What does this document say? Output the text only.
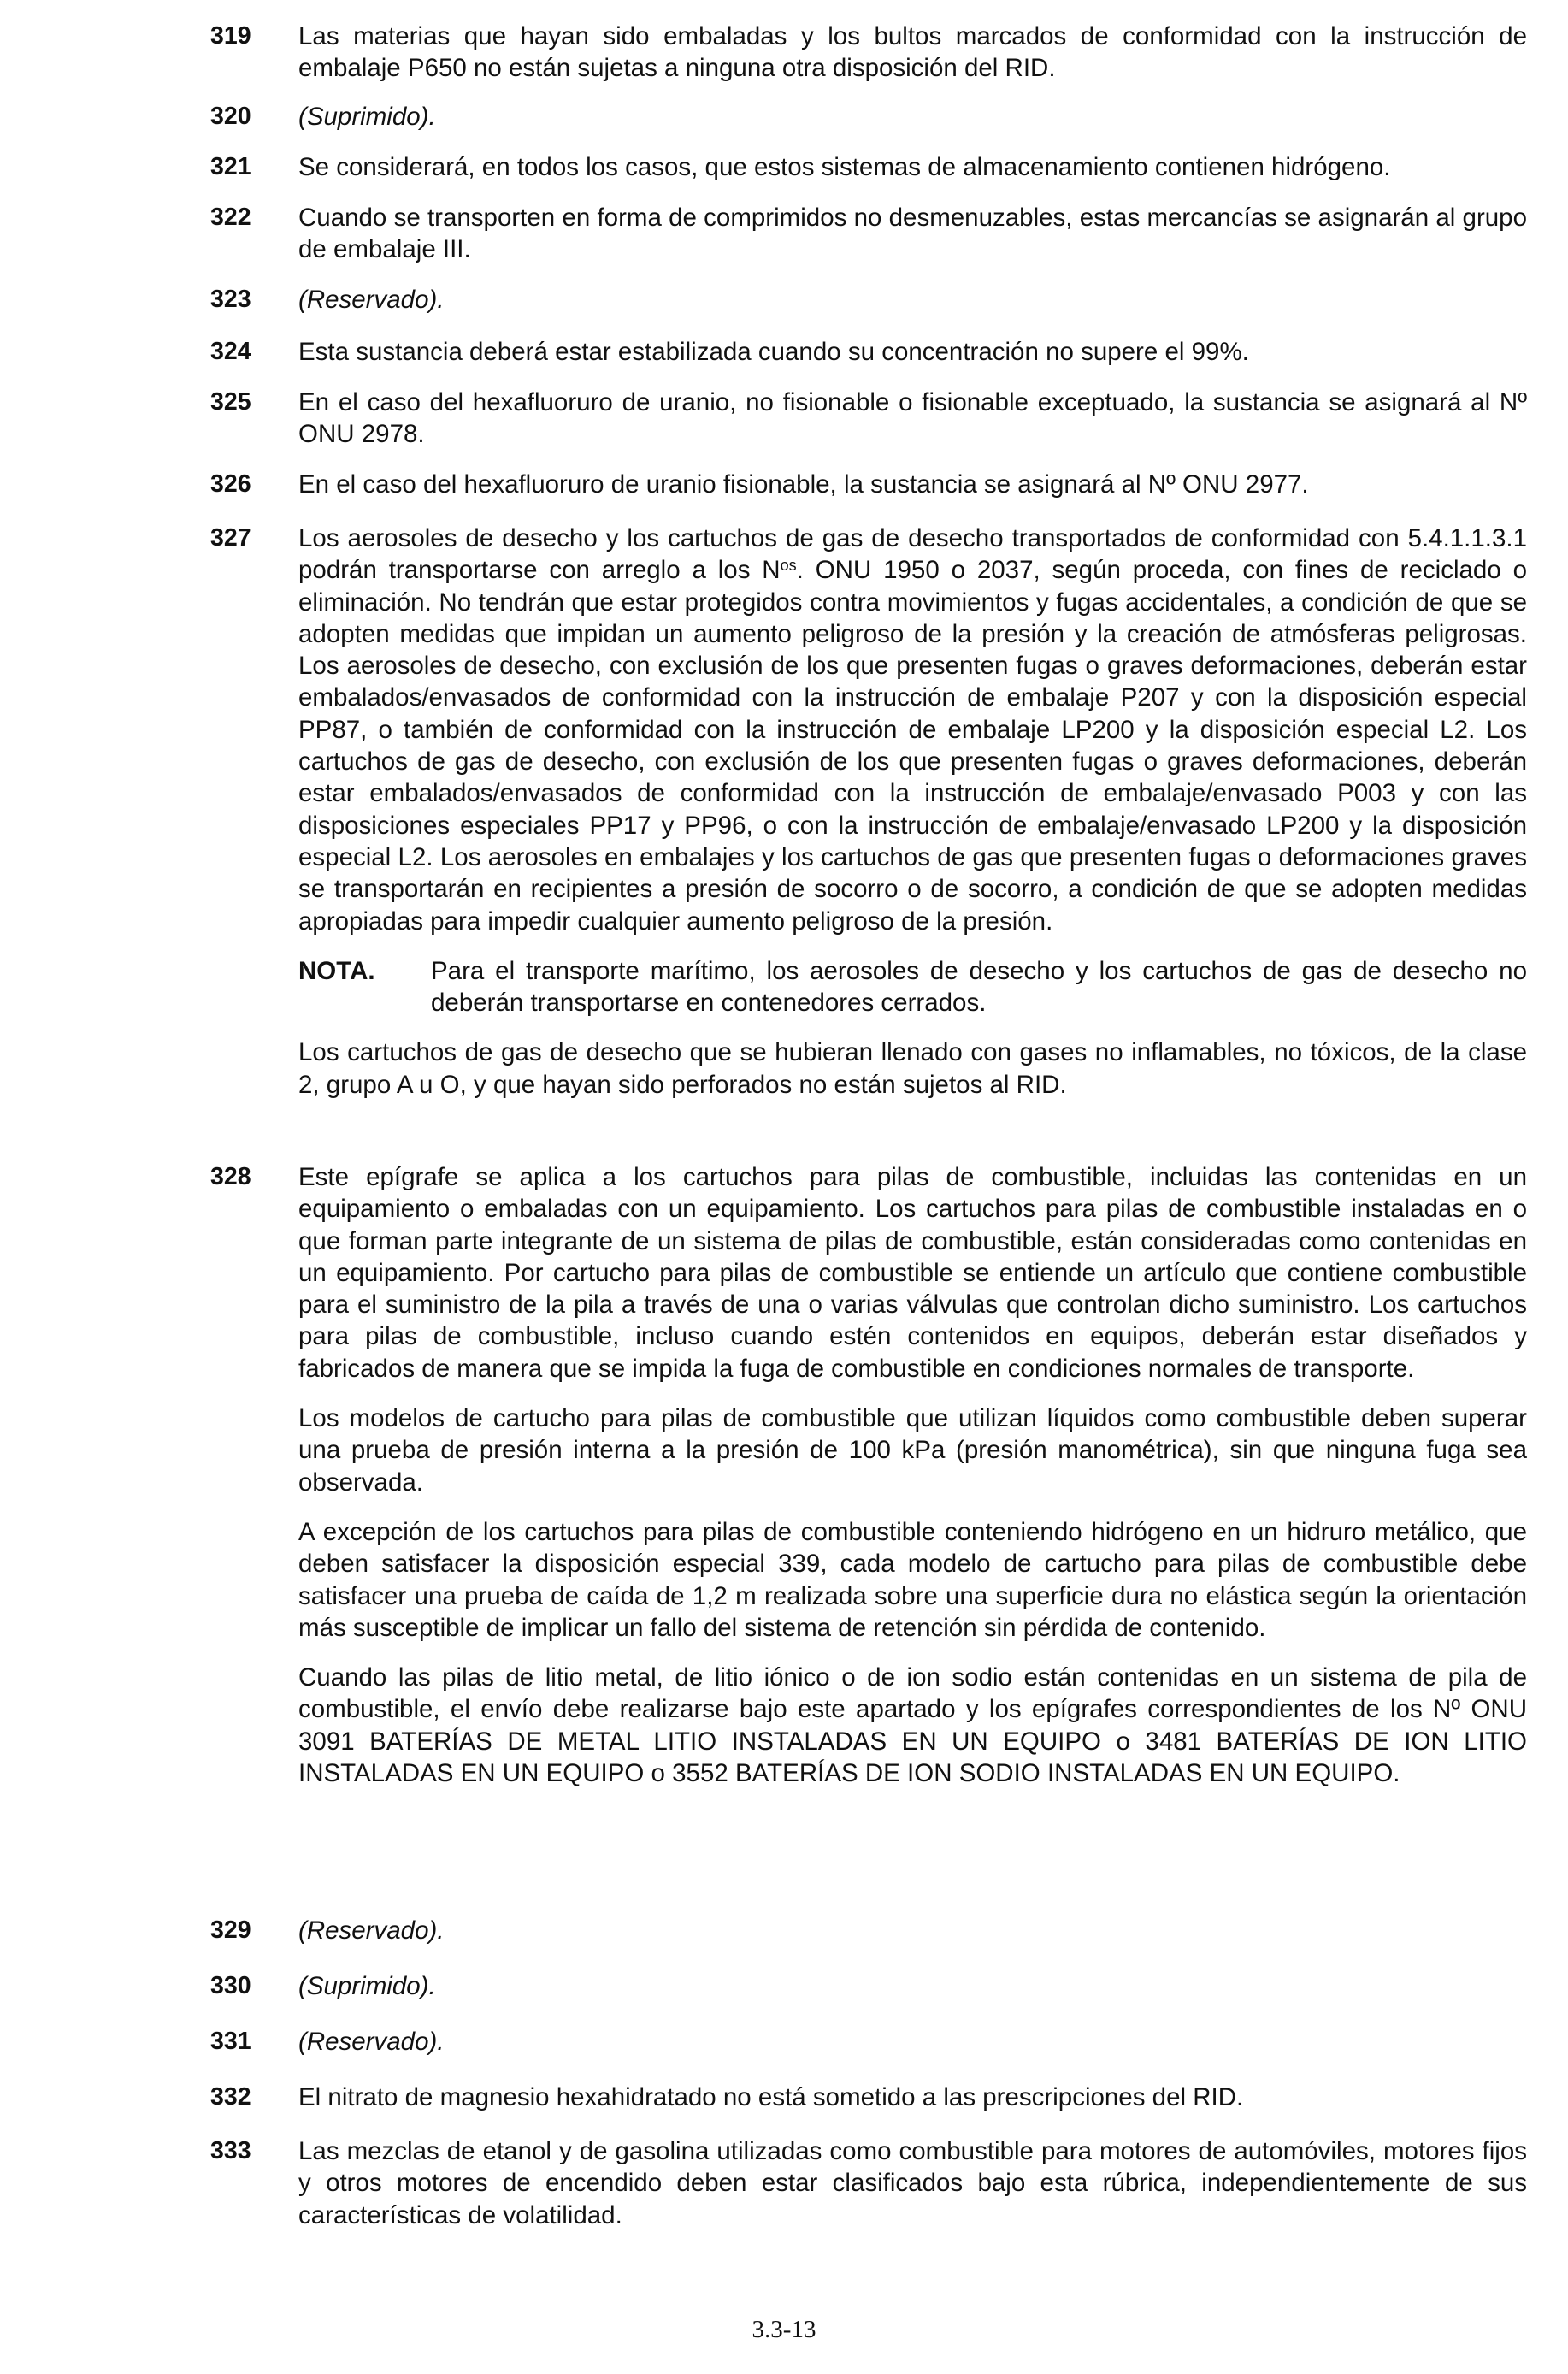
319 Las materias que hayan sido embaladas y los bultos marcados de conformidad con la instrucción de embalaje P650 no están sujetas a ninguna otra disposición del RID.

320 (Suprimido).

321 Se considerará, en todos los casos, que estos sistemas de almacenamiento contienen hidrógeno.

322 Cuando se transporten en forma de comprimidos no desmenuzables, estas mercancías se asignarán al grupo de embalaje III.

323 (Reservado).

324 Esta sustancia deberá estar estabilizada cuando su concentración no supere el 99%.

325 En el caso del hexafluoruro de uranio, no fisionable o fisionable exceptuado, la sustancia se asignará al Nº ONU 2978.

326 En el caso del hexafluoruro de uranio fisionable, la sustancia se asignará al Nº ONU 2977.

327 Los aerosoles de desecho y los cartuchos de gas de desecho transportados de conformidad con 5.4.1.1.3.1 podrán transportarse con arreglo a los $N^{os}$. ONU 1950 o 2037, según proceda, con fines de reciclado o eliminación. No tendrán que estar protegidos contra movimientos y fugas accidentales, a condición de que se adopten medidas que impidan un aumento peligroso de la presión y la creación de atmósferas peligrosas. Los aerosoles de desecho, con exclusión de los que presenten fugas o graves deformaciones, deberán estar embalados/envasados de conformidad con la instrucción de embalaje P207 y con la disposición especial PP87, o también de conformidad con la instrucción de embalaje LP200 y la disposición especial L2. Los cartuchos de gas de desecho, con exclusión de los que presenten fugas o graves deformaciones, deberán estar embalados/envasados de conformidad con la instrucción de embalaje/envasado P003 y con las disposiciones especiales PP17 y PP96, o con la instrucción de embalaje/envasado LP200 y la disposición especial L2. Los aerosoles en embalajes y los cartuchos de gas que presenten fugas o deformaciones graves se transportarán en recipientes a presión de socorro o de socorro, a condición de que se adopten medidas apropiadas para impedir cualquier aumento peligroso de la presión.

NOTA. Para el transporte marítimo, los aerosoles de desecho y los cartuchos de gas de desecho no deberán transportarse en contenedores cerrados.

Los cartuchos de gas de desecho que se hubieran llenado con gases no inflamables, no tóxicos, de la clase 2, grupo A u O, y que hayan sido perforados no están sujetos al RID.

328 Este epígrafe se aplica a los cartuchos para pilas de combustible, incluidas las contenidas en un equipamiento o embaladas con un equipamiento. Los cartuchos para pilas de combustible instaladas en o que forman parte integrante de un sistema de pilas de combustible, están consideradas como contenidas en un equipamiento. Por cartucho para pilas de combustible se entiende un artículo que contiene combustible para el suministro de la pila a través de una o varias válvulas que controlan dicho suministro. Los cartuchos para pilas de combustible, incluso cuando estén contenidos en equipos, deberán estar diseñados y fabricados de manera que se impida la fuga de combustible en condiciones normales de transporte.

Los modelos de cartucho para pilas de combustible que utilizan líquidos como combustible deben superar una prueba de presión interna a la presión de 100 kPa (presión manométrica), sin que ninguna fuga sea observada.

A excepción de los cartuchos para pilas de combustible conteniendo hidrógeno en un hidruro metálico, que deben satisfacer la disposición especial 339, cada modelo de cartucho para pilas de combustible debe satisfacer una prueba de caída de 1,2 m realizada sobre una superficie dura no elástica según la orientación más susceptible de implicar un fallo del sistema de retención sin pérdida de contenido.

Cuando las pilas de litio metal, de litio iónico o de ion sodio están contenidas en un sistema de pila de combustible, el envío debe realizarse bajo este apartado y los epígrafes correspondientes de los Nº ONU 3091 BATERÍAS DE METAL LITIO INSTALADAS EN UN EQUIPO o 3481 BATERÍAS DE ION LITIO INSTALADAS EN UN EQUIPO o 3552 BATERÍAS DE ION SODIO INSTALADAS EN UN EQUIPO.

329 (Reservado).

330 (Suprimido).

331 (Reservado).

332 El nitrato de magnesio hexahidratado no está sometido a las prescripciones del RID.

333 Las mezclas de etanol y de gasolina utilizadas como combustible para motores de automóviles, motores fijos y otros motores de encendido deben estar clasificados bajo esta rúbrica, independientemente de sus características de volatilidad.

3.3-13
